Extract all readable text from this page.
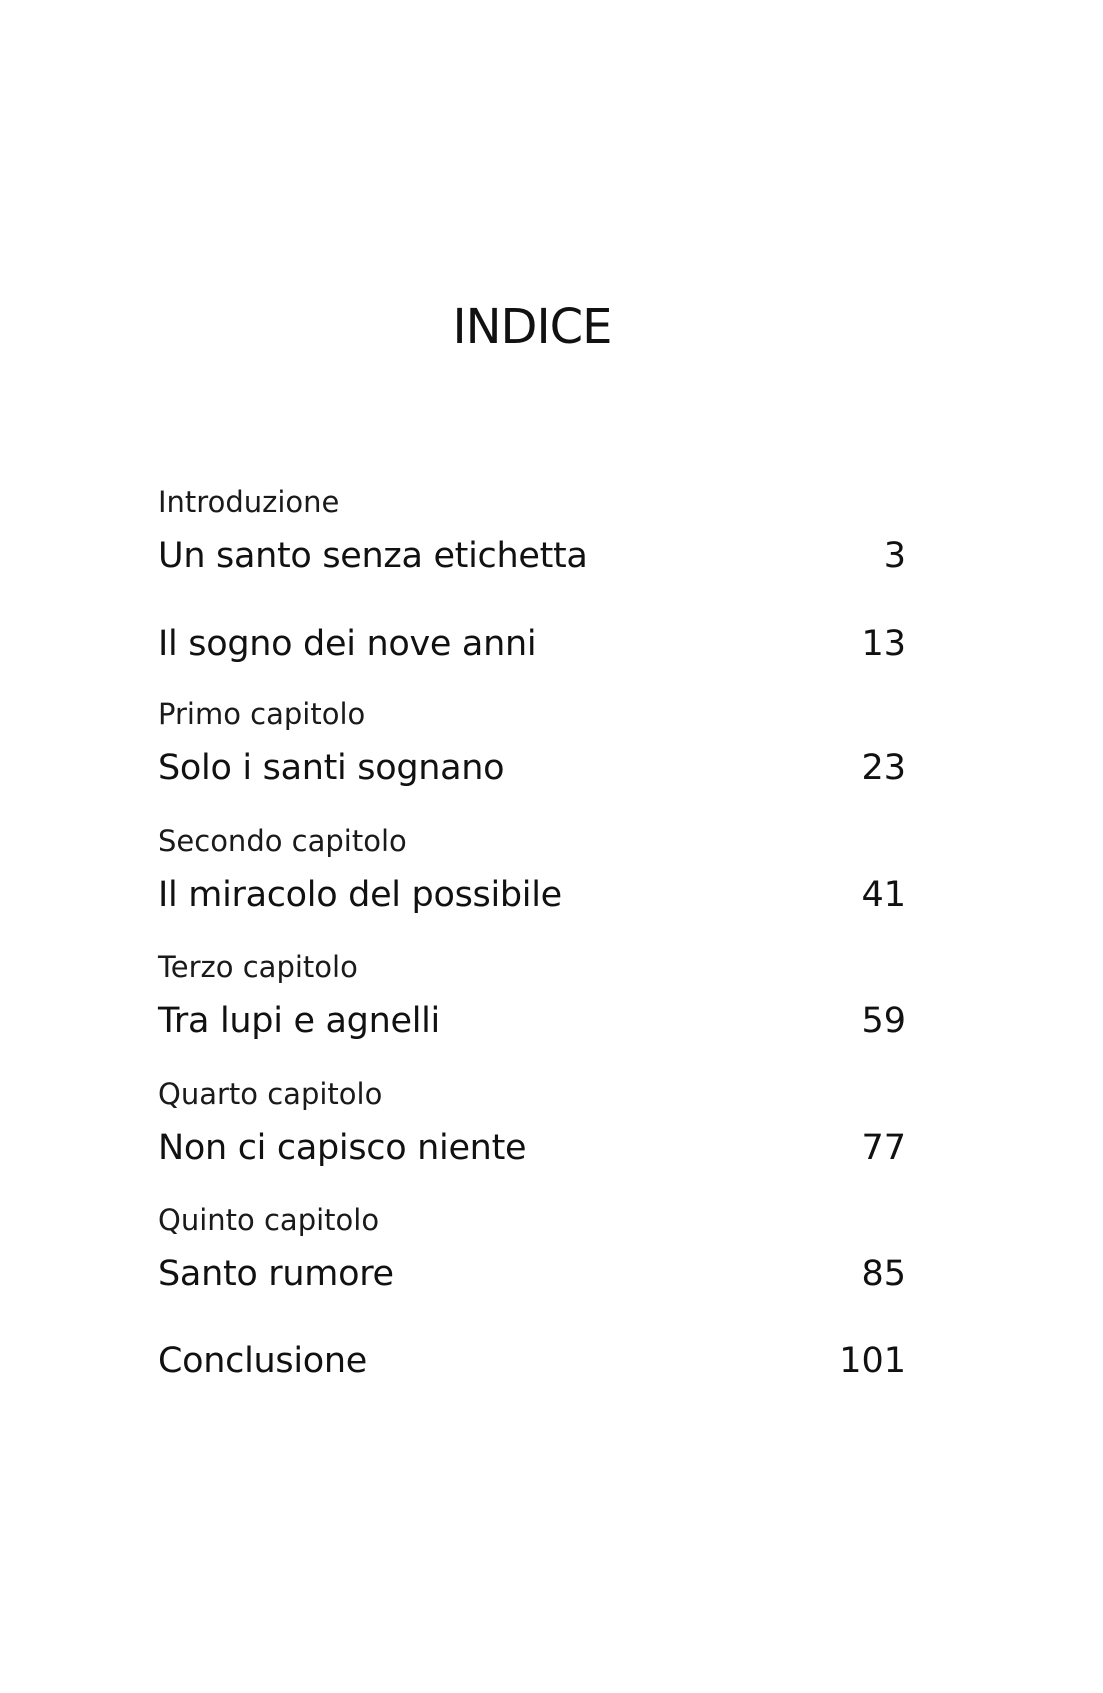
INDICE
Introduzione
Un santo senza etichetta	3
Il sogno dei nove anni	13
Primo capitolo
Solo i santi sognano	23
Secondo capitolo
Il miracolo del possibile	41
Terzo capitolo
Tra lupi e agnelli	59
Quarto capitolo
Non ci capisco niente	77
Quinto capitolo
Santo rumore	85
Conclusione	101
